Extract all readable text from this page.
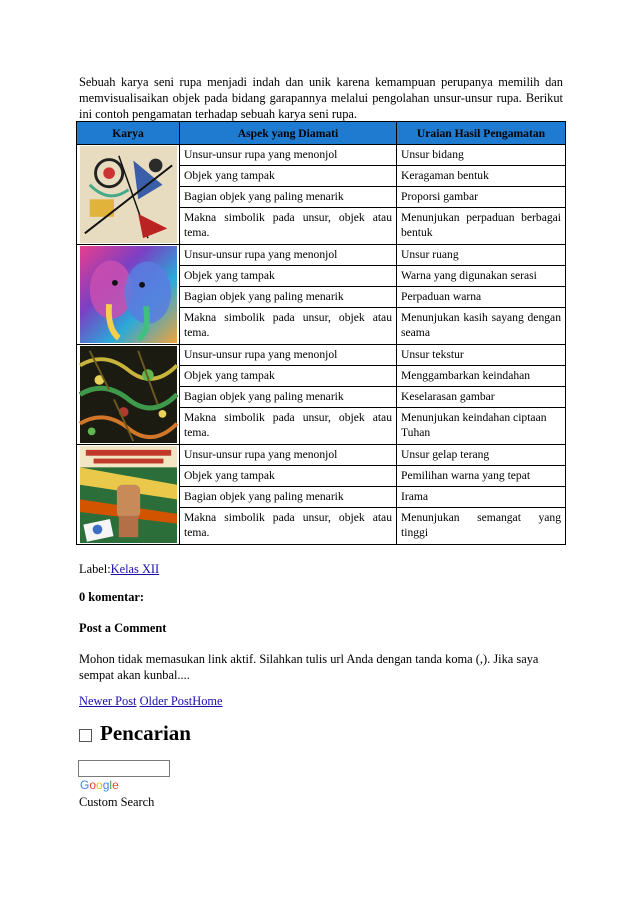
Sebuah karya seni rupa menjadi indah dan unik karena kemampuan perupanya memilih dan memvisualisaikan objek pada bidang garapannya melalui pengolahan unsur-unsur rupa. Berikut ini contoh pengamatan terhadap sebuah karya seni rupa.

Karya	Aspek yang Diamati	Uraian Hasil Pengamatan

	Unsur-unsur rupa yang menonjol	Unsur bidang
	Objek yang tampak	Keragaman bentuk
	Bagian objek yang paling menarik	Proporsi gambar
	Makna simbolik pada unsur, objek atau tema.	Menunjukan perpaduan berbagai bentuk

	Unsur-unsur rupa yang menonjol	Unsur ruang
	Objek yang tampak	Warna yang digunakan serasi
	Bagian objek yang paling menarik	Perpaduan warna
	Makna simbolik pada unsur, objek atau tema.	Menunjukan kasih sayang dengan seama

	Unsur-unsur rupa yang menonjol	Unsur tekstur
	Objek yang tampak	Menggambarkan keindahan
	Bagian objek yang paling menarik	Keselarasan gambar
	Makna simbolik pada unsur, objek atau tema.	Menunjukan keindahan ciptaan Tuhan

	Unsur-unsur rupa yang menonjol	Unsur gelap terang
	Objek yang tampak	Pemilihan warna yang tepat
	Bagian objek yang paling menarik	Irama
	Makna simbolik pada unsur, objek atau tema.	Menunjukan semangat yang tinggi
Label:Kelas XII
0 komentar:
Post a Comment
Mohon tidak memasukan link aktif. Silahkan tulis url Anda dengan tanda koma (,). Jika saya sempat akan kunbal....
Newer Post Older PostHome
Pencarian
Google
Custom Search
